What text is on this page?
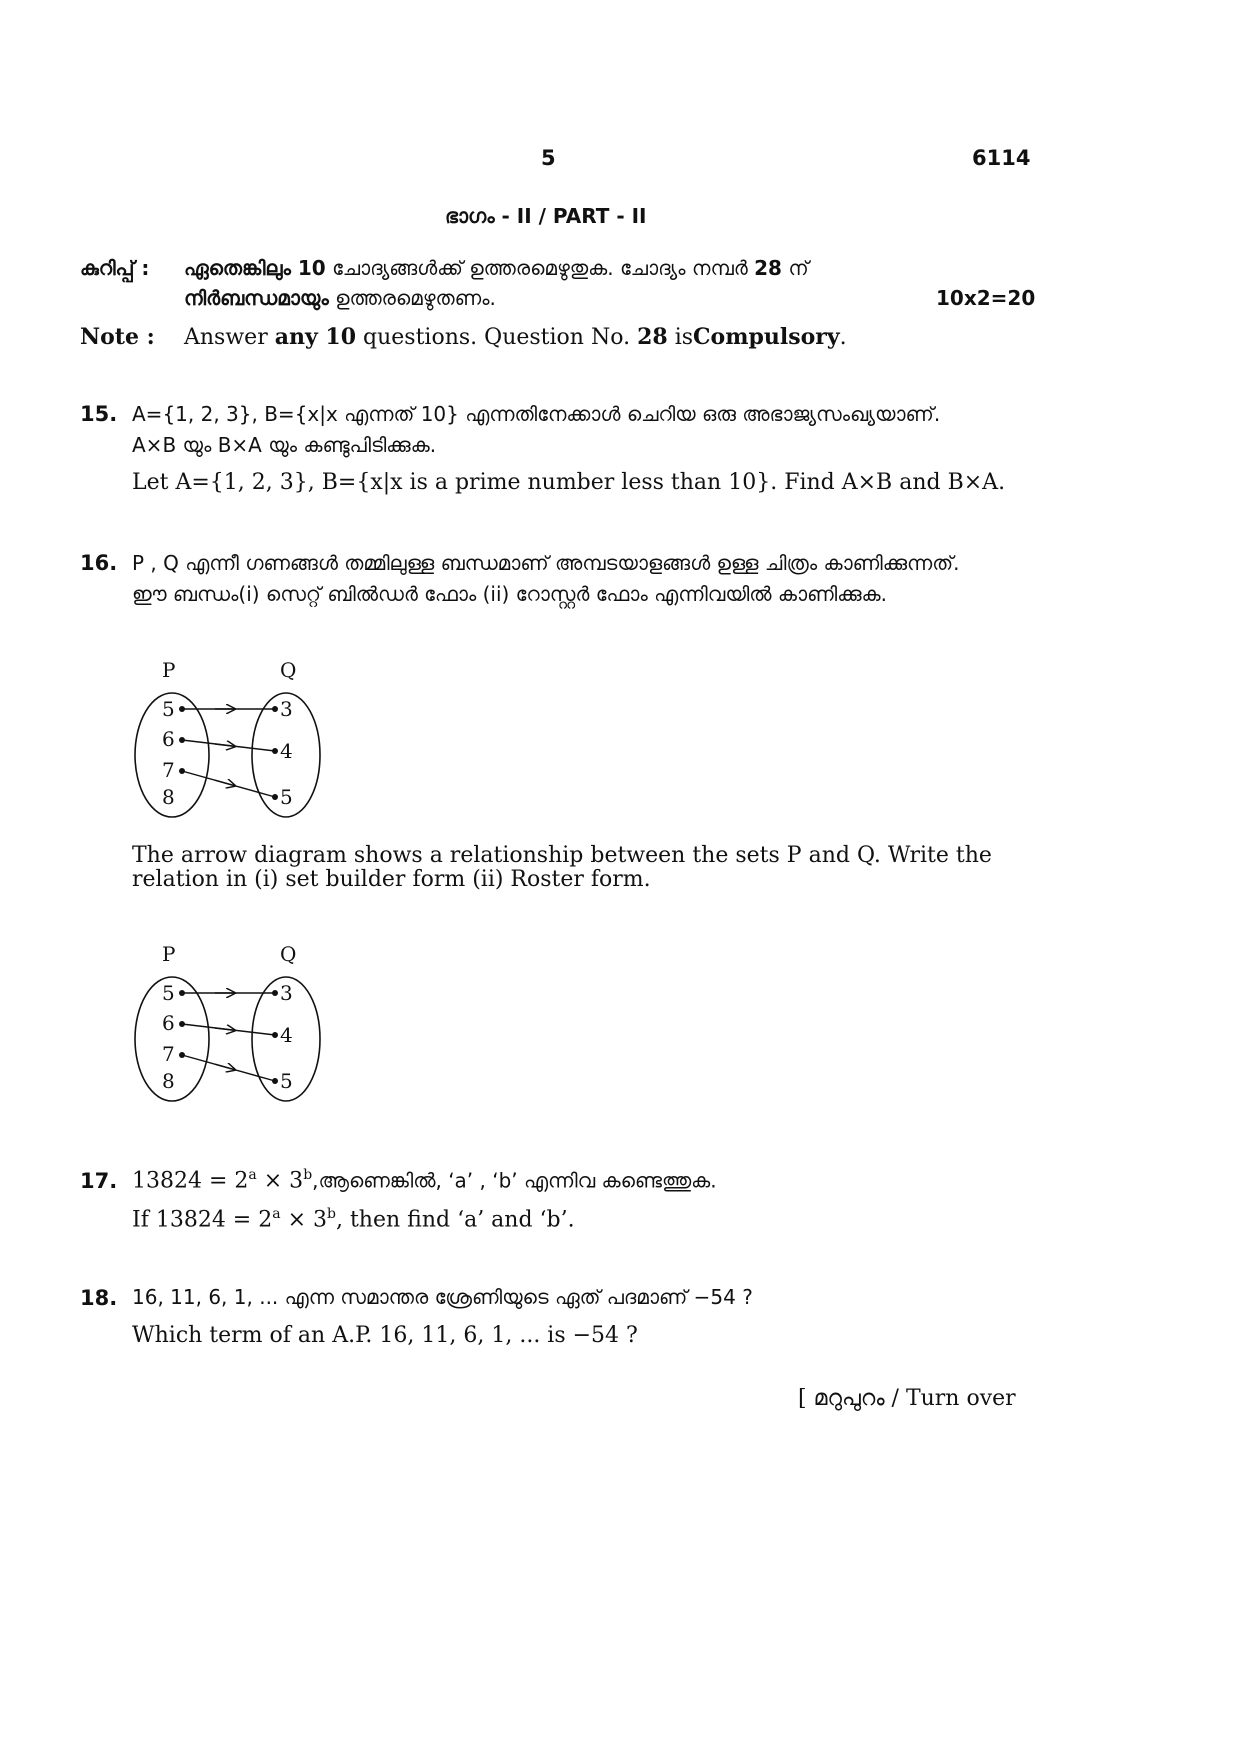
5	6114
ഭാഗം - II / PART - II
കുറിപ്പ് : ഏതെങ്കിലും 10 ചോദ്യങ്ങൾക്ക് ഉത്തരമെഴുതുക. ചോദ്യം നമ്പർ 28 ന്
നിർബന്ധമായും ഉത്തരമെഴുതണം.	10x2=20
Note : Answer any 10 questions. Question No. 28 isCompulsory.
15. A={1, 2, 3}, B={x|x എന്നത് 10} എന്നതിനേക്കാൾ ചെറിയ ഒരു അഭാജ്യസംഖ്യയാണ്.
A×B യും B×A യും കണ്ടുപിടിക്കുക.
Let A={1, 2, 3}, B={x|x is a prime number less than 10}. Find A×B and B×A.
16. P , Q എന്നീ ഗണങ്ങൾ തമ്മിലുള്ള ബന്ധമാണ് അമ്പടയാളങ്ങൾ ഉള്ള ചിത്രം കാണിക്കുന്നത്.
ഈ ബന്ധം(i) സെറ്റ് ബിൽഡർ ഫോം (ii) റോസ്റ്റർ ഫോം എന്നിവയിൽ കാണിക്കുക.
P	Q
5
6
7
8
3
4
5
The arrow diagram shows a relationship between the sets P and Q. Write the
relation in (i) set builder form (ii) Roster form.
P	Q
5
6
7
8
3
4
5
17. $13824 = 2^a$ × $3^b,ആണെങ്കിൽ$, ‘a’ , ‘b’ എന്നിവ കണ്ടെത്തുക.
If $13824 = 2^a \times 3^b$, then find ‘a’ and ‘b’.
18. 16, 11, 6, 1, ... എന്ന സമാന്തര ശ്രേണിയുടെ ഏത് പദമാണ് −54 ?
Which term of an A.P. 16, 11, 6, 1, ... is −54 ?
[ മറുപുറം / Turn over
